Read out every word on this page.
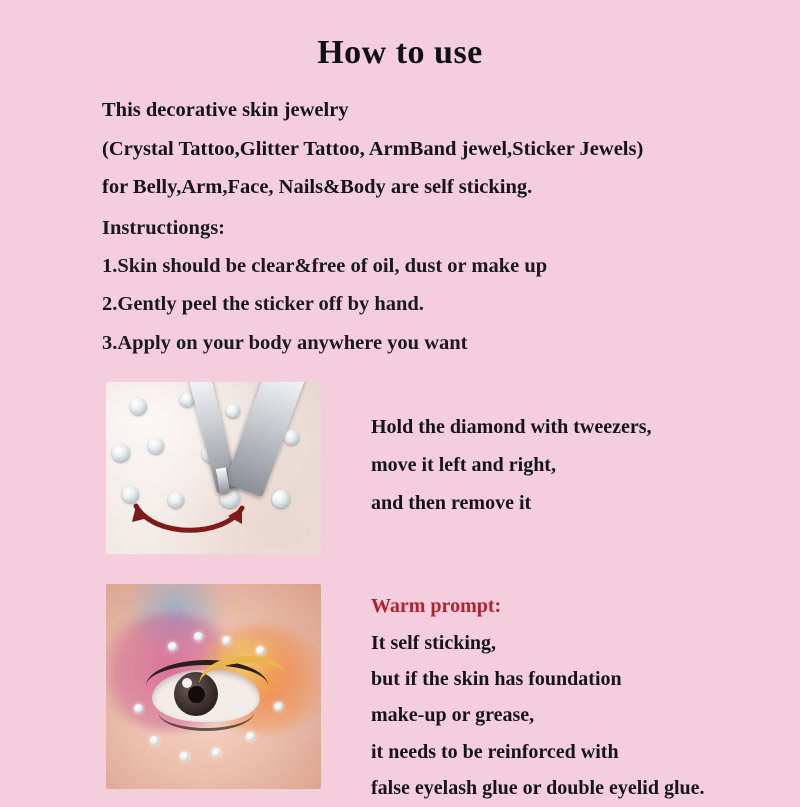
How to use

This decorative skin jewelry

(Crystal Tattoo,Glitter Tattoo, ArmBand jewel,Sticker Jewels)

for Belly,Arm,Face, Nails&Body are self sticking.

Instructiongs:
1.Skin should be clear&free of oil, dust or make up
2.Gently peel the sticker off by hand.
3.Apply on your body anywhere you want
Hold the diamond with tweezers,
move it left and right,
and then remove it
Warm prompt:
It self sticking,
but if the skin has foundation
make-up or grease,
it needs to be reinforced with
false eyelash glue or double eyelid glue.
